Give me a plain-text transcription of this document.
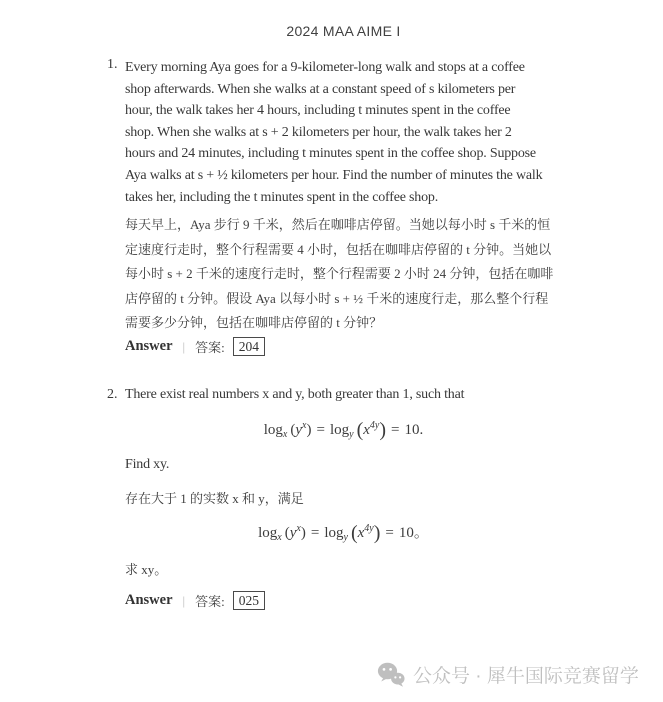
2024 MAA AIME I
1. Every morning Aya goes for a 9-kilometer-long walk and stops at a coffee
shop afterwards. When she walks at a constant speed of s kilometers per
hour, the walk takes her 4 hours, including t minutes spent in the coffee
shop. When she walks at s + 2 kilometers per hour, the walk takes her 2
hours and 24 minutes, including t minutes spent in the coffee shop. Suppose
Aya walks at s + ½ kilometers per hour. Find the number of minutes the walk
takes her, including the t minutes spent in the coffee shop.
每天早上，Aya 步行 9 千米，然后在咖啡店停留。当她以每小时 s 千米的恒
定速度行走时，整个行程需要 4 小时，包括在咖啡店停留的 t 分钟。当她以
每小时 s + 2 千米的速度行走时，整个行程需要 2 小时 24 分钟，包括在咖啡
店停留的 t 分钟。假设 Aya 以每小时 s + ½ 千米的速度行走，那么整个行程
需要多少分钟，包括在咖啡店停留的 t 分钟？
Answer | 答案:	204
2. There exist real numbers x and y, both greater than 1, such that
$\log_x (y^x) = \log_y (x^{4y}) = 10$.
Find xy.
存在大于 1 的实数 x 和 y，满足
$\log_x (y^x) = \log_y (x^{4y}) = 10$。
求 xy。
Answer | 答案:	025
公众号 · 犀牛国际竞赛留学
